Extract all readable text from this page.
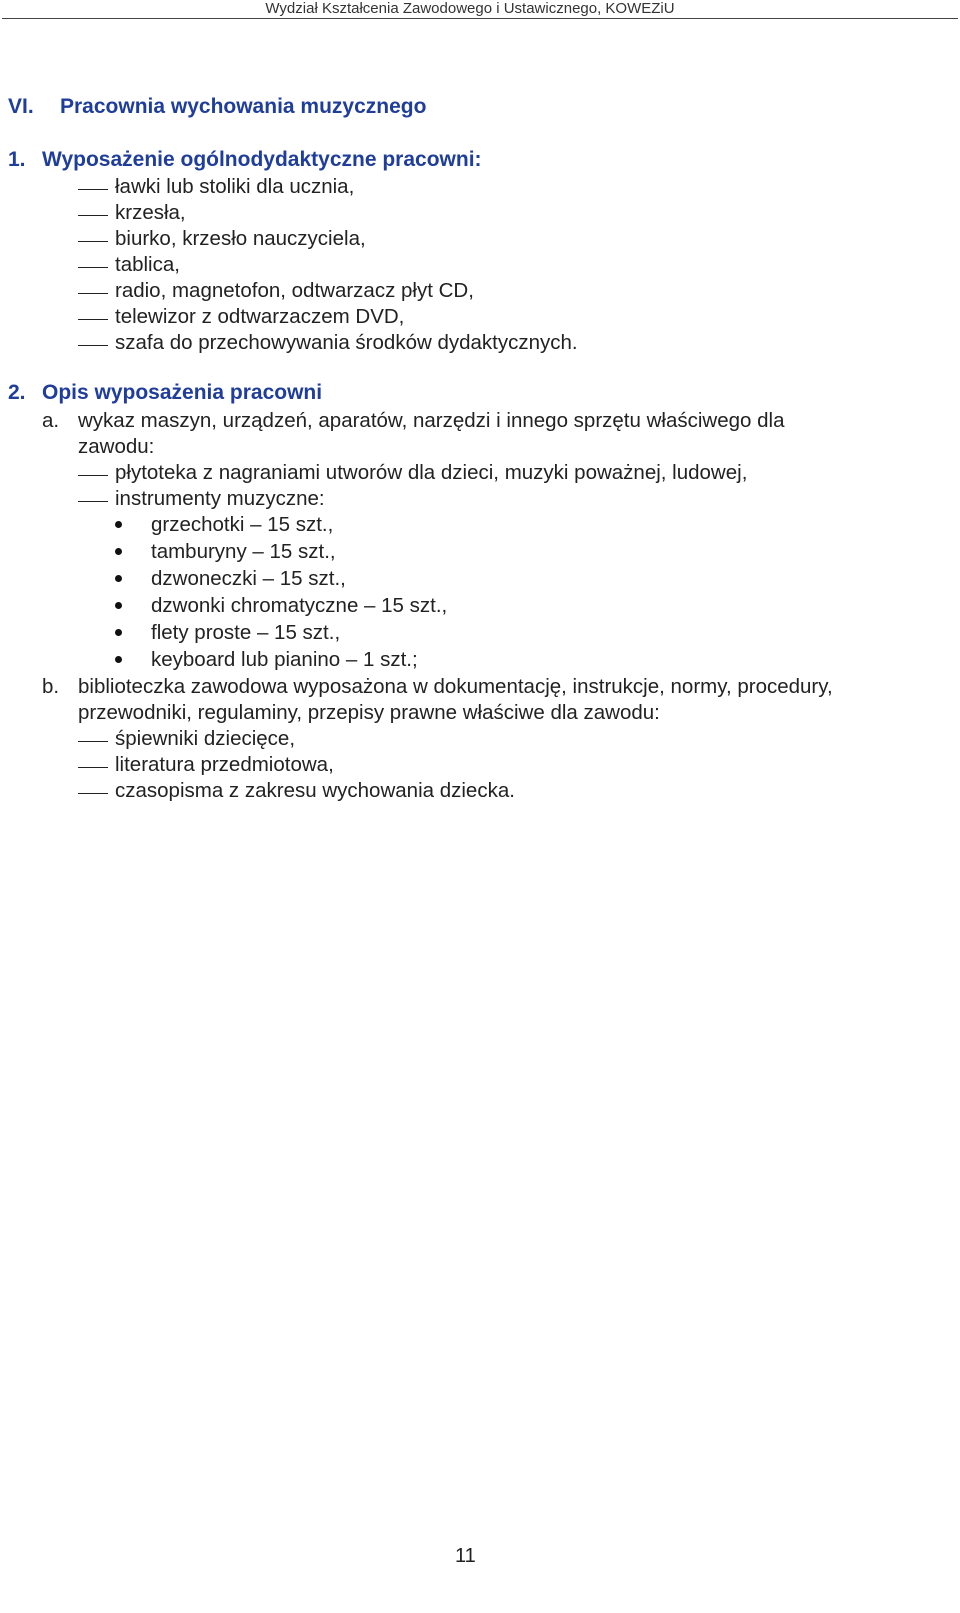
Wydział Kształcenia Zawodowego i Ustawicznego, KOWEZiU
VI. Pracownia wychowania muzycznego
1. Wyposażenie ogólnodydaktyczne pracowni:
ławki lub stoliki dla ucznia,
krzesła,
biurko, krzesło nauczyciela,
tablica,
radio, magnetofon, odtwarzacz płyt CD,
telewizor z odtwarzaczem DVD,
szafa do przechowywania środków dydaktycznych.
2. Opis wyposażenia pracowni
a. wykaz maszyn, urządzeń, aparatów, narzędzi i innego sprzętu właściwego dla
zawodu:
płytoteka z nagraniami utworów dla dzieci, muzyki poważnej, ludowej,
instrumenty muzyczne:
grzechotki – 15 szt.,
tamburyny – 15 szt.,
dzwoneczki – 15 szt.,
dzwonki chromatyczne – 15 szt.,
flety proste – 15 szt.,
keyboard lub pianino – 1 szt.;
b. biblioteczka zawodowa wyposażona w dokumentację, instrukcje, normy, procedury,
przewodniki, regulaminy, przepisy prawne właściwe dla zawodu:
śpiewniki dziecięce,
literatura przedmiotowa,
czasopisma z zakresu wychowania dziecka.
11
